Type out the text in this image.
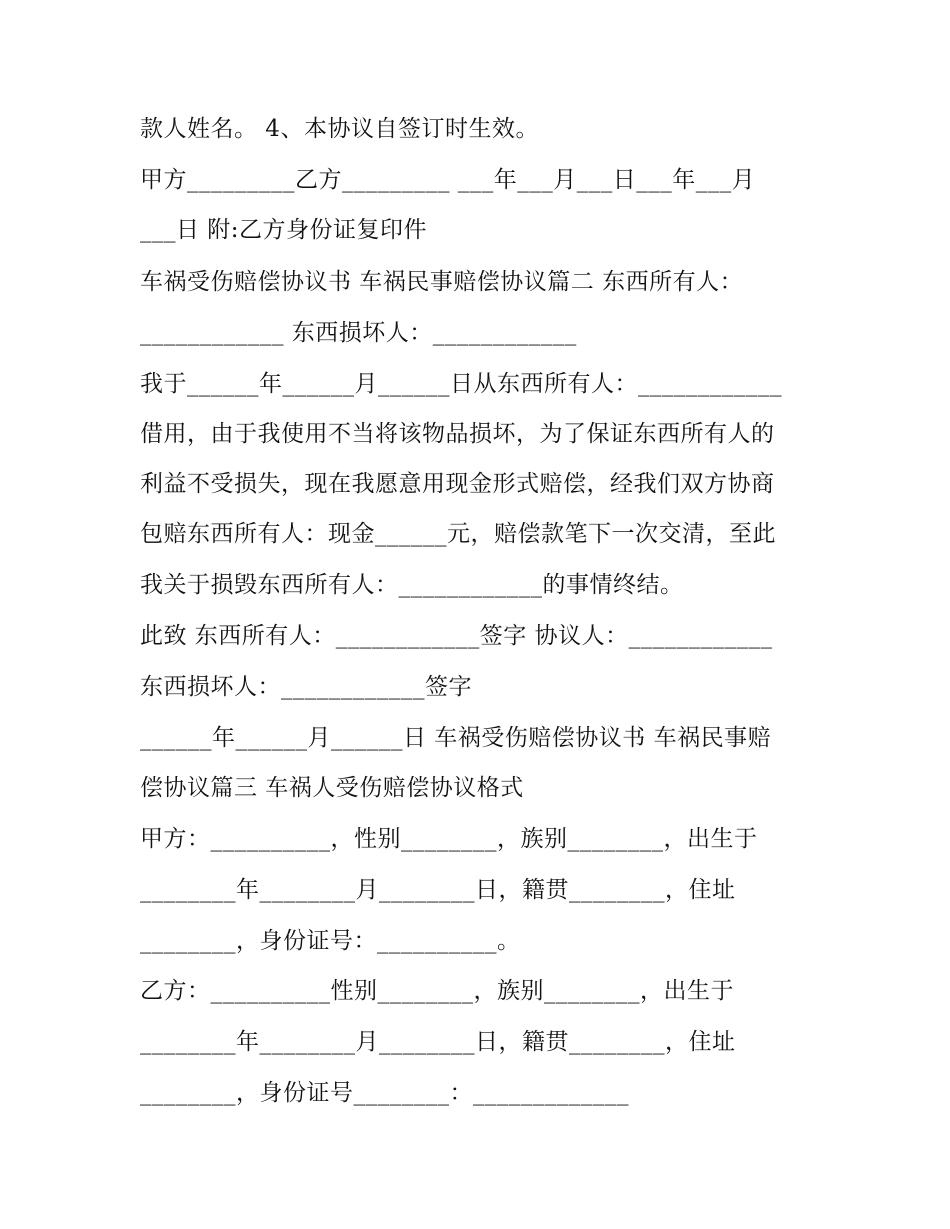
款人姓名。 4、本协议自签订时生效。
甲方_________乙方_________ ___年___月___日___年___月
___日 附:乙方身份证复印件
车祸受伤赔偿协议书 车祸民事赔偿协议篇二 东西所有人：
____________ 东西损坏人：____________
我于______年______月______日从东西所有人：____________
借用，由于我使用不当将该物品损坏，为了保证东西所有人的
利益不受损失，现在我愿意用现金形式赔偿，经我们双方协商
包赔东西所有人：现金______元，赔偿款笔下一次交清，至此
我关于损毁东西所有人：____________的事情终结。
此致 东西所有人：____________签字 协议人：____________
东西损坏人：____________签字
______年______月______日 车祸受伤赔偿协议书 车祸民事赔
偿协议篇三 车祸人受伤赔偿协议格式
甲方：__________，性别________，族别________，出生于
________年________月________日，籍贯________，住址
________，身份证号：__________。
乙方：__________性别________，族别________，出生于
________年________月________日，籍贯________，住址
________，身份证号________：_____________
